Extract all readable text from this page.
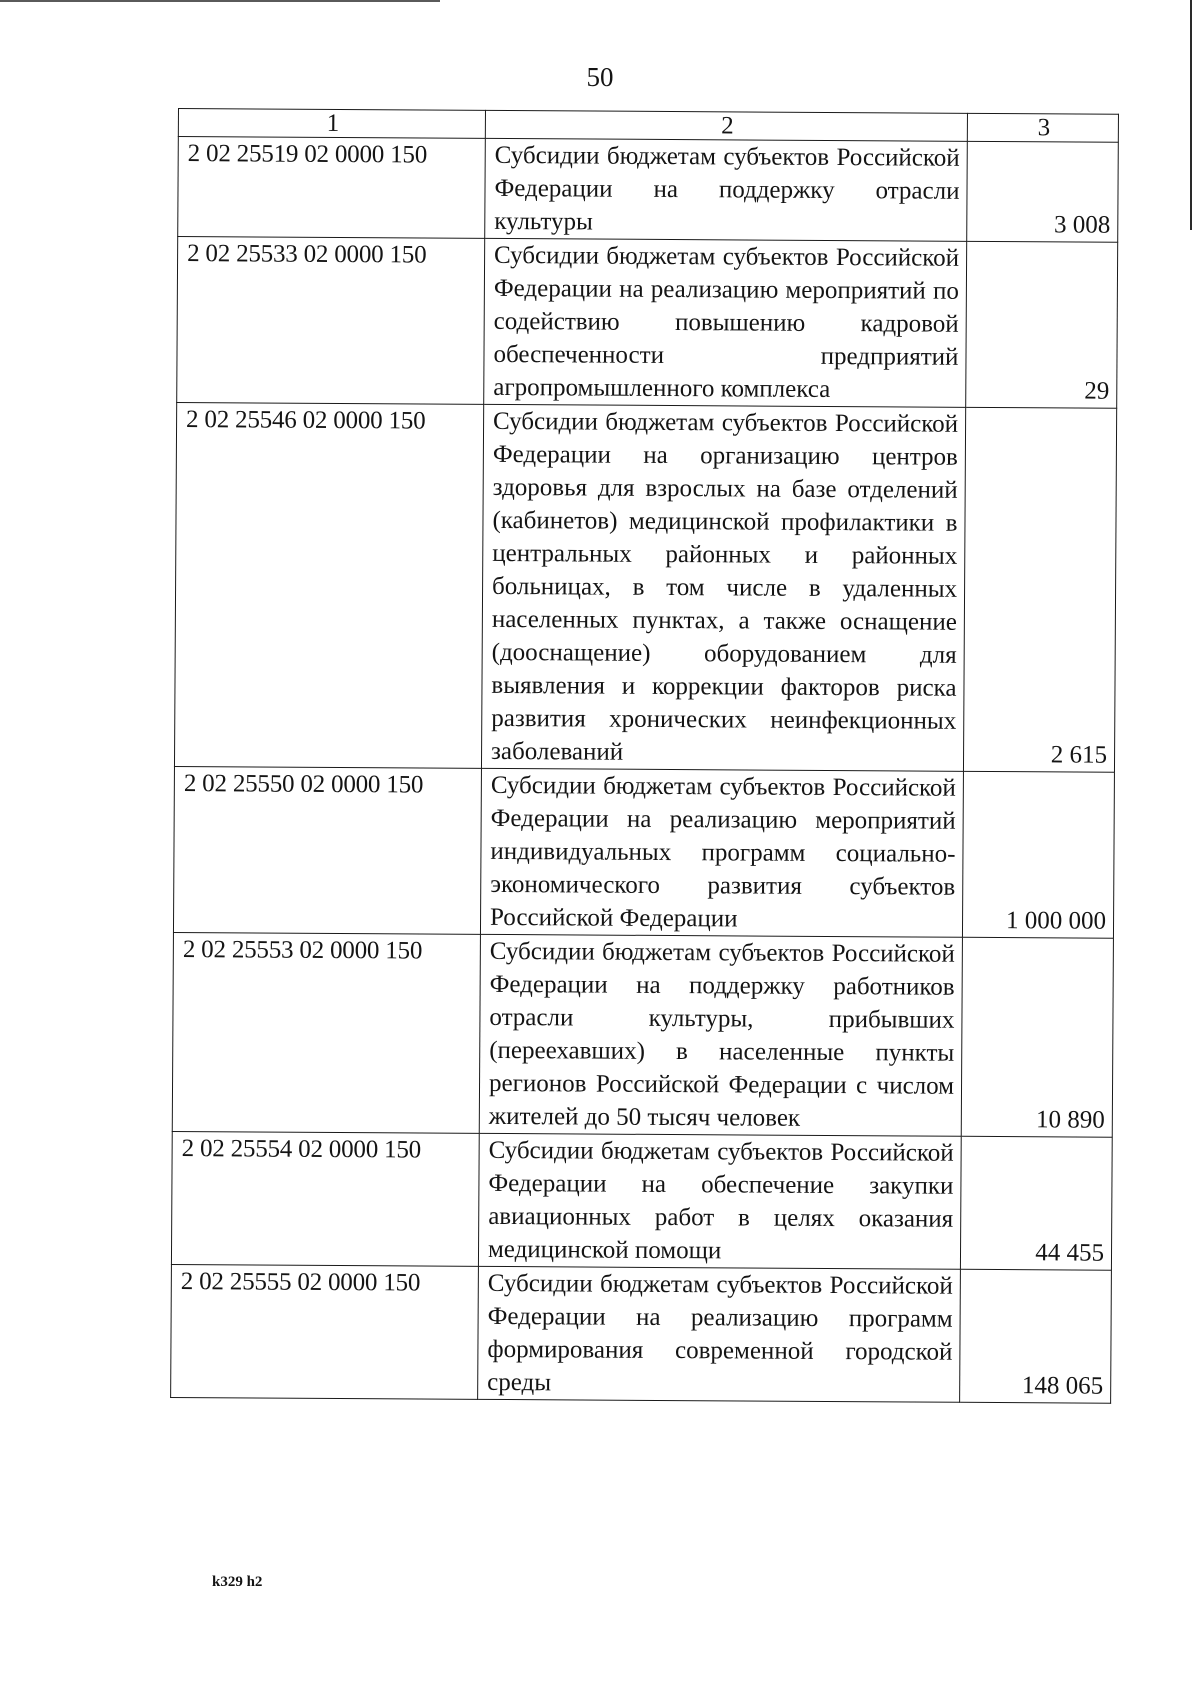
50
1	2	3
2 02 25519 02 0000 150	Субсидии бюджетам субъектов Российской Федерации на поддержку отрасли культуры	3 008
2 02 25533 02 0000 150	Субсидии бюджетам субъектов Российской Федерации на реализацию мероприятий по содействию повышению кадровой обеспеченности предприятий агропромышленного комплекса	29
2 02 25546 02 0000 150	Субсидии бюджетам субъектов Российской Федерации на организацию центров здоровья для взрослых на базе отделений (кабинетов) медицинской профилактики в центральных районных и районных больницах, в том числе в удаленных населенных пунктах, а также оснащение (дооснащение) оборудованием для выявления и коррекции факторов риска развития хронических неинфекционных заболеваний	2 615
2 02 25550 02 0000 150	Субсидии бюджетам субъектов Российской Федерации на реализацию мероприятий индивидуальных программ социально-экономического развития субъектов Российской Федерации	1 000 000
2 02 25553 02 0000 150	Субсидии бюджетам субъектов Российской Федерации на поддержку работников отрасли культуры, прибывших (переехавших) в населенные пункты регионов Российской Федерации с числом жителей до 50 тысяч человек	10 890
2 02 25554 02 0000 150	Субсидии бюджетам субъектов Российской Федерации на обеспечение закупки авиационных работ в целях оказания медицинской помощи	44 455
2 02 25555 02 0000 150	Субсидии бюджетам субъектов Российской Федерации на реализацию программ формирования современной городской среды	148 065
k329 h2
